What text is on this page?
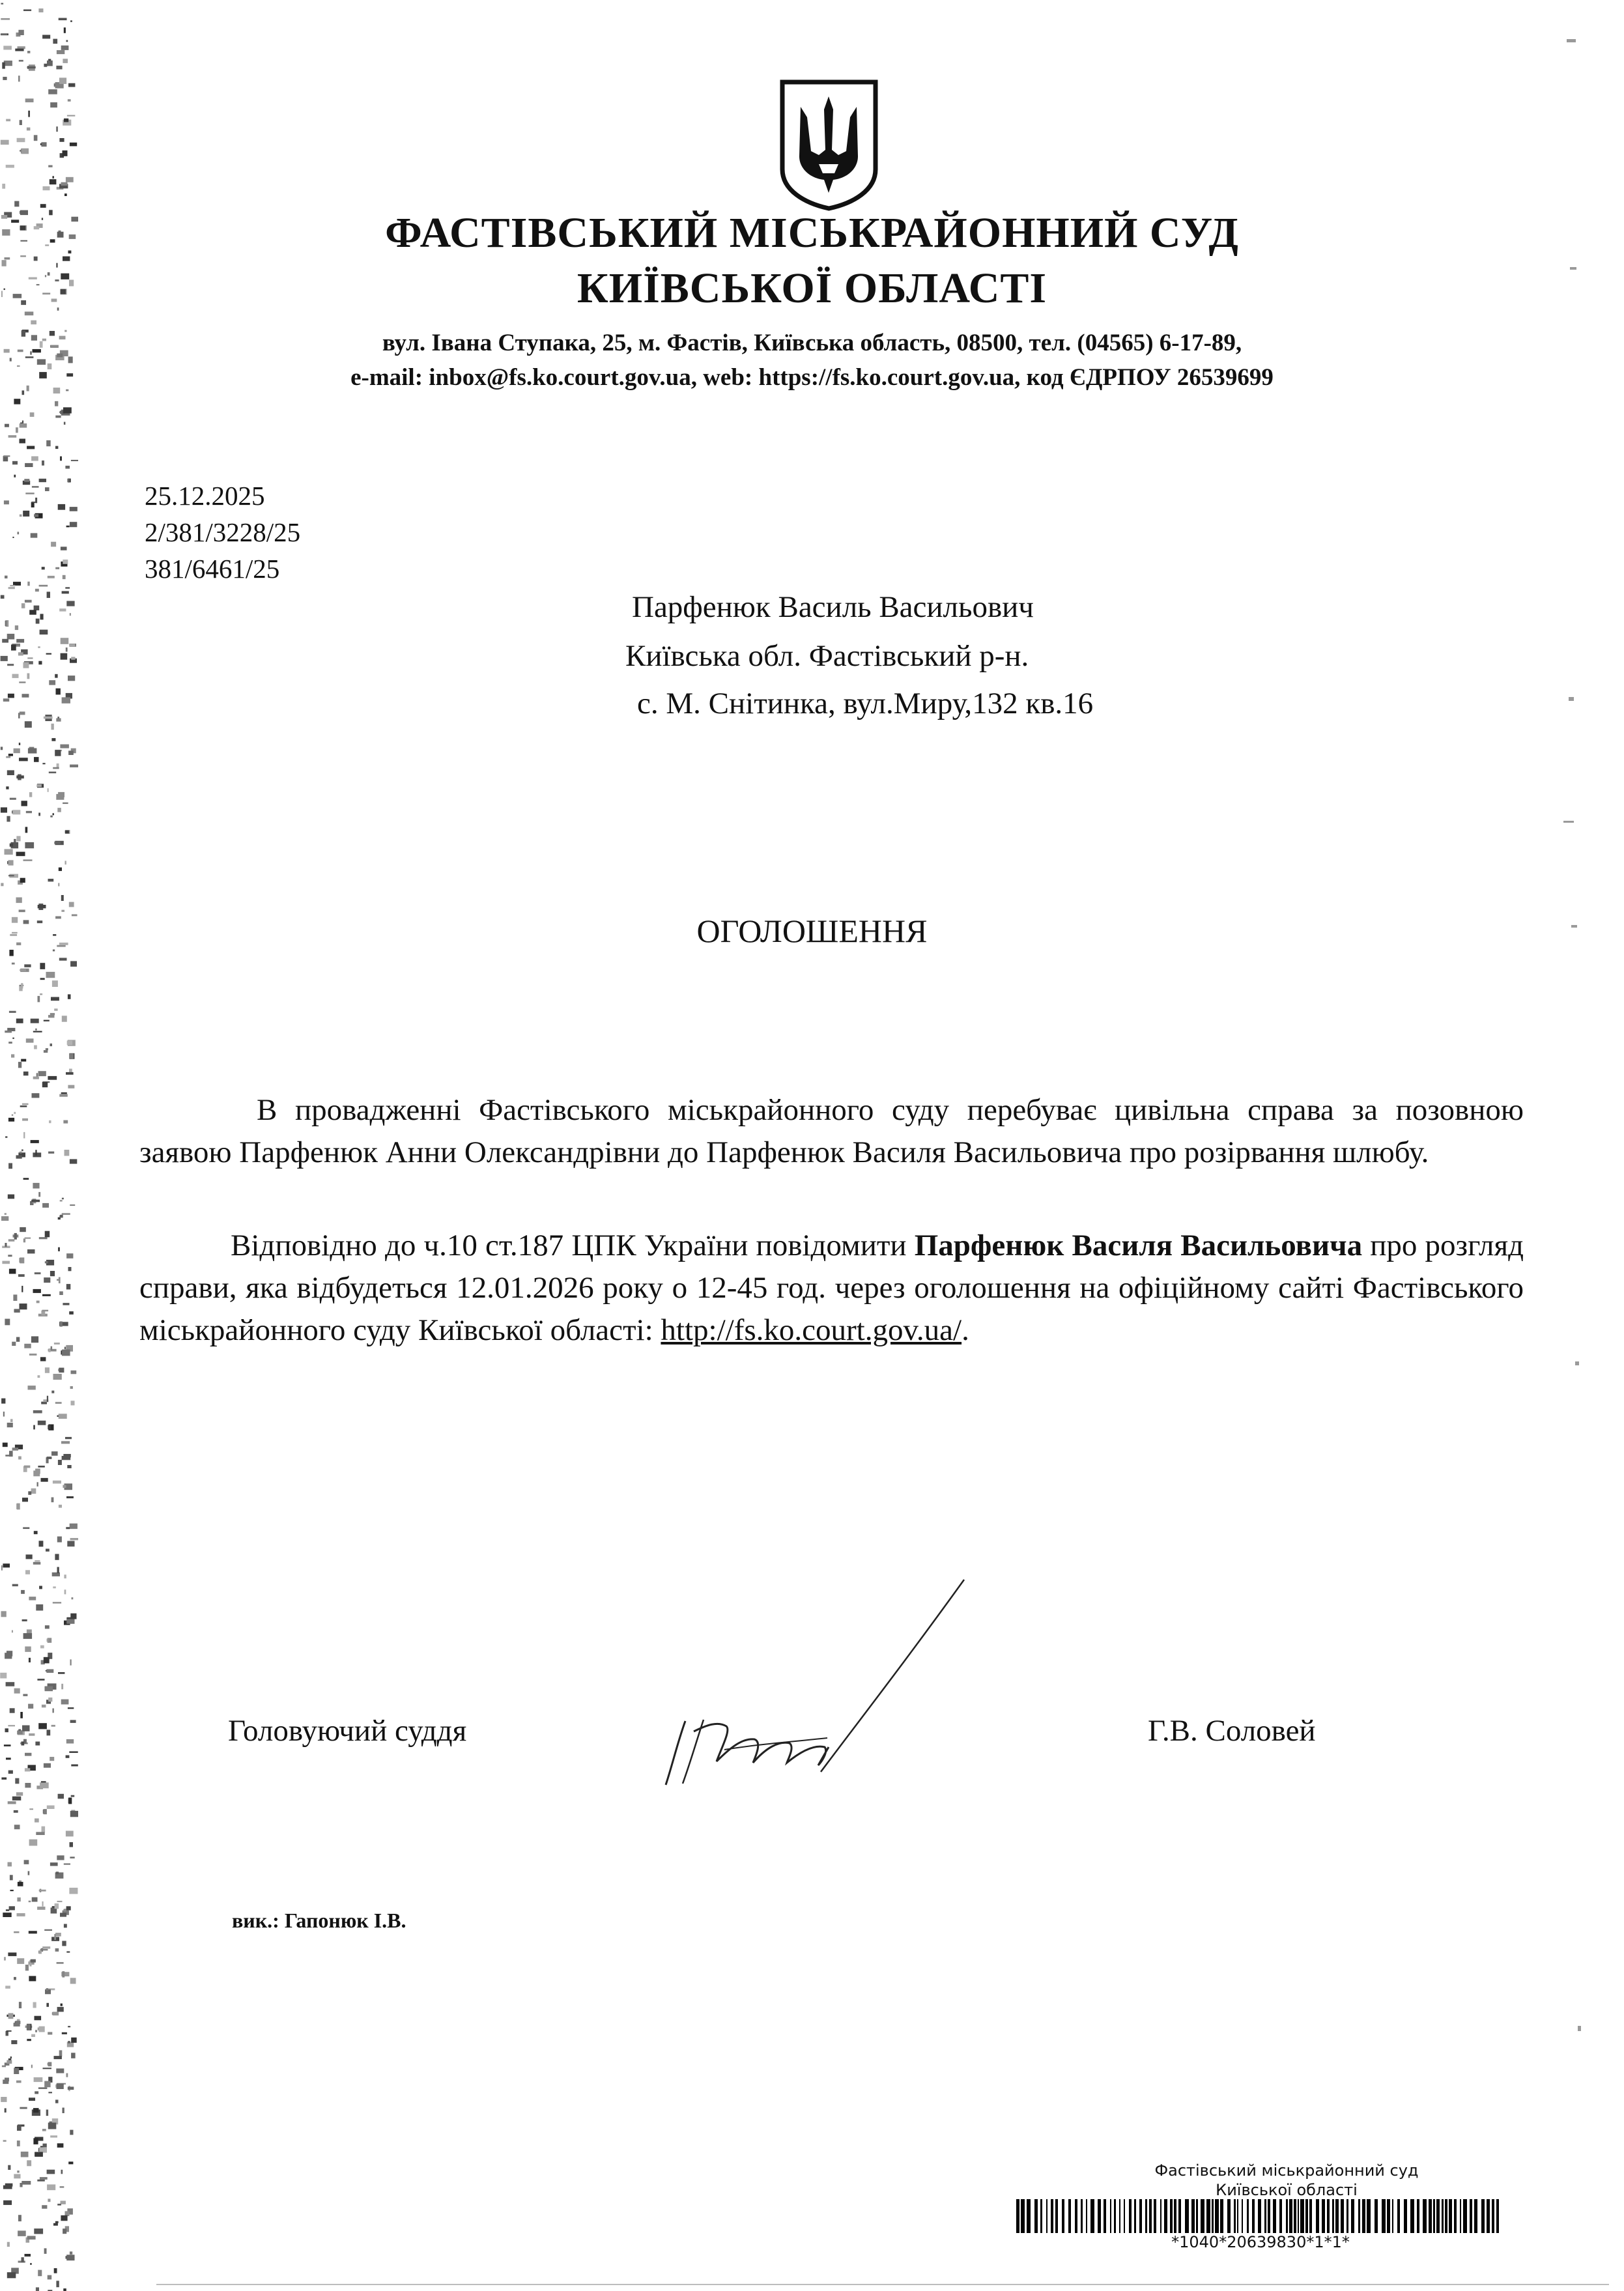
ФАСТІВСЬКИЙ МІСЬКРАЙОННИЙ СУД
КИЇВСЬКОЇ ОБЛАСТІ
вул. Івана Ступака, 25, м. Фастів, Київська область, 08500, тел. (04565) 6-17-89,
e-mail: inbox@fs.ko.court.gov.ua, web: https://fs.ko.court.gov.ua, код ЄДРПОУ 26539699
25.12.2025
2/381/3228/25
381/6461/25
Парфенюк Василь Васильович
Київська обл. Фастівський р-н.
с. М. Снітинка, вул.Миру,132 кв.16
ОГОЛОШЕННЯ
В провадженні Фастівського міськрайонного суду перебуває цивільна справа за позовною заявою Парфенюк Анни Олександрівни до Парфенюк Василя Васильовича про розірвання шлюбу.
Відповідно до ч.10 ст.187 ЦПК України повідомити Парфенюк Василя Васильовича про розгляд справи, яка відбудеться 12.01.2026 року о 12-45 год. через оголошення на офіційному сайті Фастівського міськрайонного суду Київської області: http://fs.ko.court.gov.ua/.
Головуючий суддя	Г.В. Соловей
вик.: Гапонюк І.В.
Фастівський міськрайонний суд
Київської області
*1040*20639830*1*1*
